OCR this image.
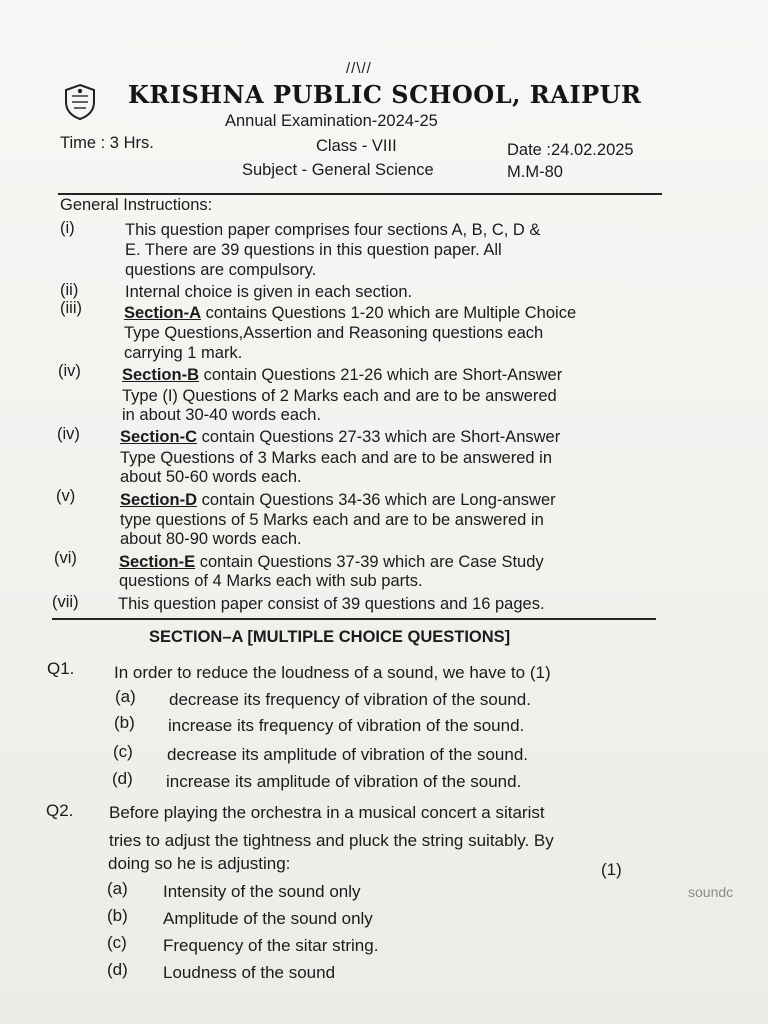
//\//
KRISHNA PUBLIC SCHOOL, RAIPUR
Annual Examination-2024-25
Time : 3 Hrs.	Class - VIII	Date :24.02.2025
Subject - General Science	M.M-80
General Instructions:
(i)	This question paper comprises four sections A, B, C, D &
E. There are 39 questions in this question paper. All
questions are compulsory.
(ii)	Internal choice is given in each section.
(iii)	Section-A contains Questions 1-20 which are Multiple Choice
Type Questions,Assertion and Reasoning questions each
carrying 1 mark.
(iv) Section-B contain Questions 21-26 which are Short-Answer
Type (I) Questions of 2 Marks each and are to be answered
in about 30-40 words each.
(iv) Section-C contain Questions 27-33 which are Short-Answer
Type Questions of 3 Marks each and are to be answered in
about 50-60 words each.
(v)	Section-D contain Questions 34-36 which are Long-answer
type questions of 5 Marks each and are to be answered in
about 80-90 words each.
(vi)	Section-E contain Questions 37-39 which are Case Study
questions of 4 Marks each with sub parts.
(vii) This question paper consist of 39 questions and 16 pages.
SECTION–A [MULTIPLE CHOICE QUESTIONS]
Q1. In order to reduce the loudness of a sound, we have to (1)
(a) decrease its frequency of vibration of the sound.
(b) increase its frequency of vibration of the sound.
(c) decrease its amplitude of vibration of the sound.
(d) increase its amplitude of vibration of the sound.
Q2. Before playing the orchestra in a musical concert a sitarist
tries to adjust the tightness and pluck the string suitably. By
doing so he is adjusting:	(1)
(a) Intensity of the sound only
(b) Amplitude of the sound only
(c) Frequency of the sitar string.
(d) Loudness of the sound
soundc
